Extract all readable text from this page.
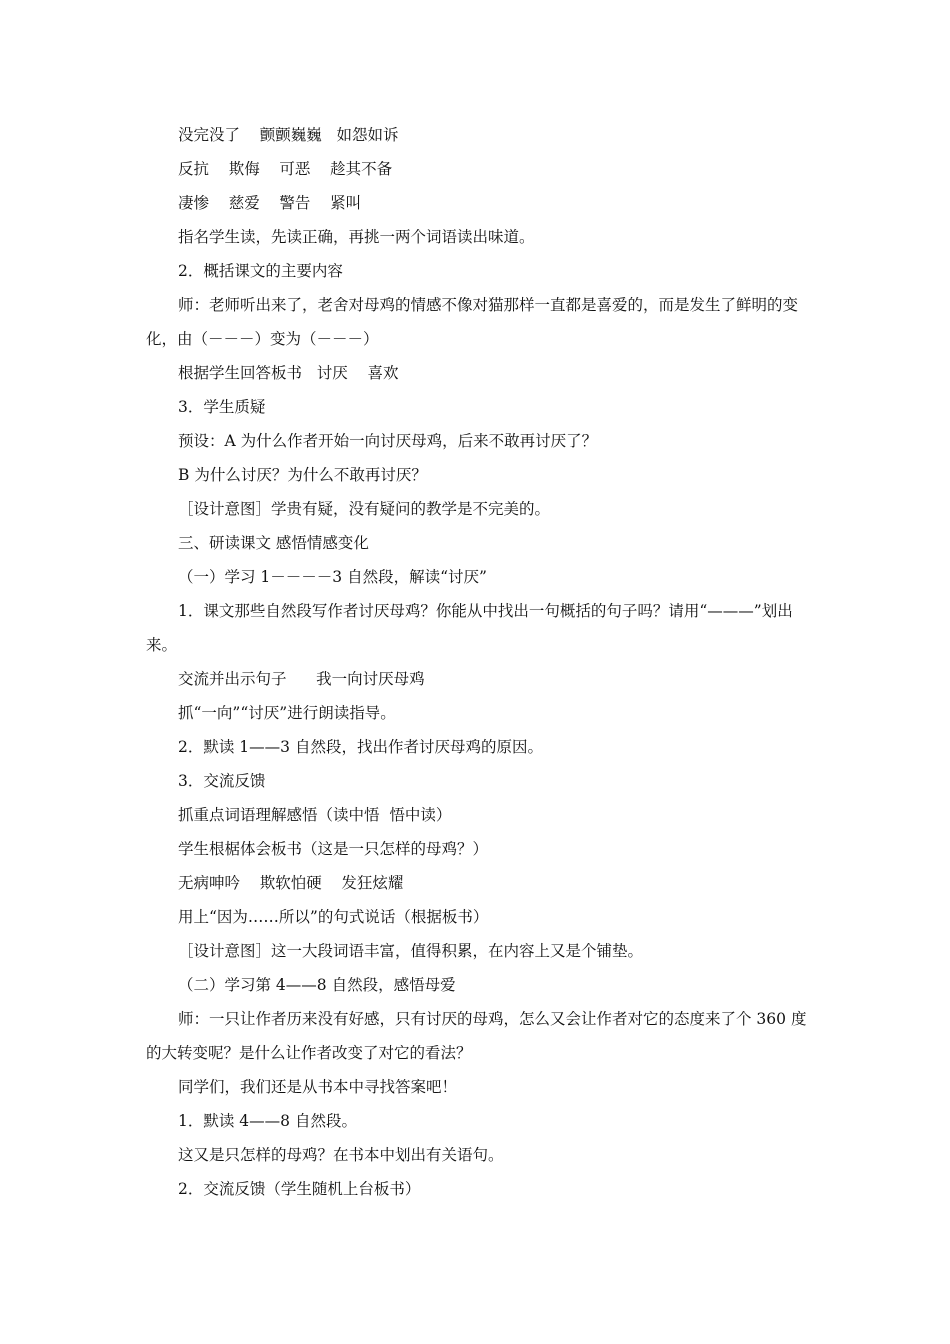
没完没了    颤颤巍巍   如怨如诉

反抗    欺侮    可恶    趁其不备

凄惨    慈爱    警告    紧叫

指名学生读，先读正确，再挑一两个词语读出味道。

2．概括课文的主要内容

师：老师听出来了，老舍对母鸡的情感不像对猫那样一直都是喜爱的，而是发生了鲜明的变化，由（－－－）变为（－－－）

根据学生回答板书   讨厌    喜欢

3．学生质疑

预设：A 为什么作者开始一向讨厌母鸡，后来不敢再讨厌了？

B 为什么讨厌？为什么不敢再讨厌？

［设计意图］学贵有疑，没有疑问的教学是不完美的。

三、研读课文 感悟情感变化

（一）学习 1－－－－3 自然段，解读“讨厌”

1．课文那些自然段写作者讨厌母鸡？你能从中找出一句概括的句子吗？请用“———”划出来。

交流并出示句子      我一向讨厌母鸡

抓“一向”“讨厌”进行朗读指导。

2．默读 1——3 自然段，找出作者讨厌母鸡的原因。

3．交流反馈

抓重点词语理解感悟（读中悟  悟中读）

学生根椐体会板书（这是一只怎样的母鸡？）

无病呻吟    欺软怕硬    发狂炫耀

用上“因为……所以”的句式说话（根据板书）

［设计意图］这一大段词语丰富，值得积累，在内容上又是个铺垫。

（二）学习第 4——8 自然段，感悟母爱

师：一只让作者历来没有好感，只有讨厌的母鸡，怎么又会让作者对它的态度来了个 360 度的大转变呢？是什么让作者改变了对它的看法？

同学们，我们还是从书本中寻找答案吧！

1．默读 4——8 自然段。

这又是只怎样的母鸡？在书本中划出有关语句。

2．交流反馈（学生随机上台板书）
